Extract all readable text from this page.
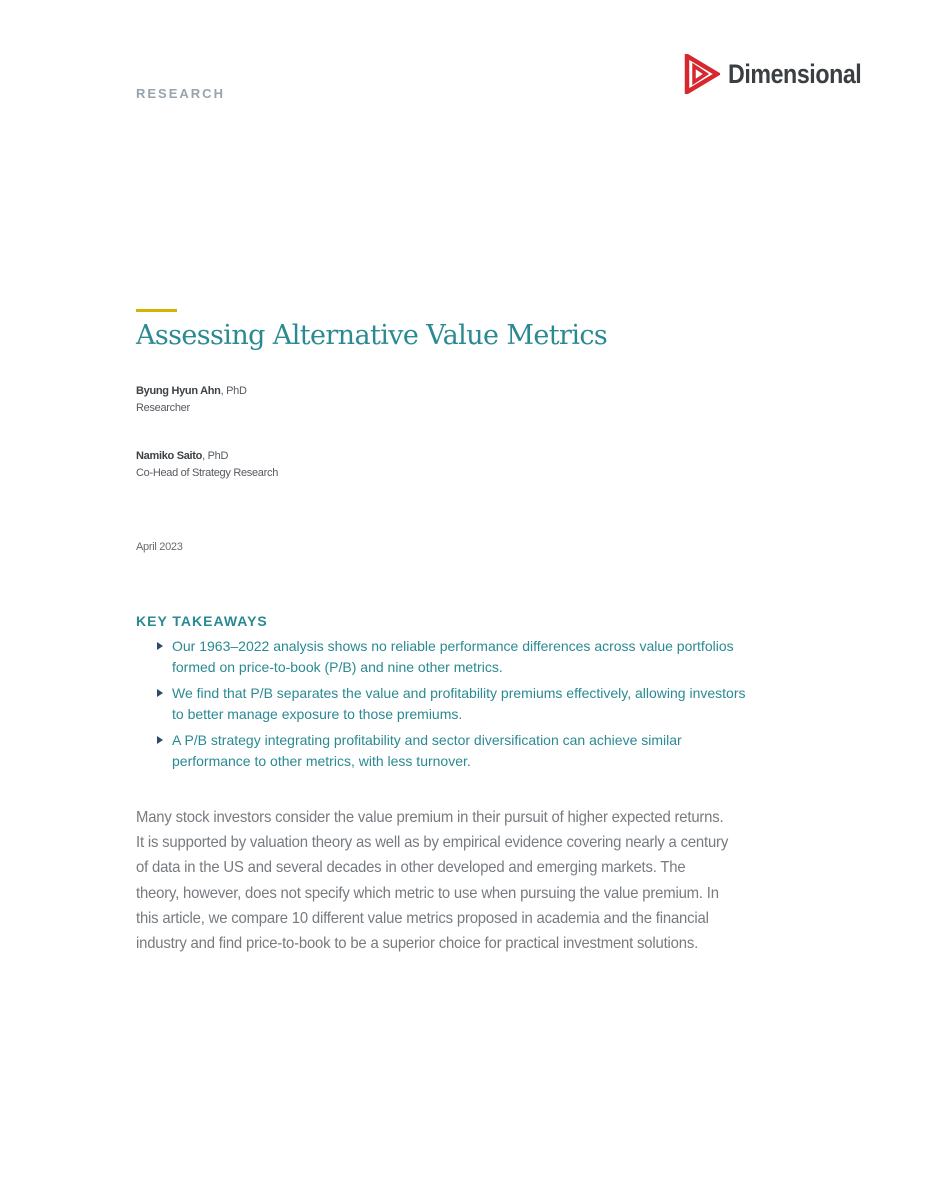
RESEARCH
Dimensional
Assessing Alternative Value Metrics
Byung Hyun Ahn, PhD
Researcher
Namiko Saito, PhD
Co-Head of Strategy Research
April 2023
KEY TAKEAWAYS
Our 1963–2022 analysis shows no reliable performance differences across value portfolios formed on price-to-book (P/B) and nine other metrics.
We find that P/B separates the value and profitability premiums effectively, allowing investors to better manage exposure to those premiums.
A P/B strategy integrating profitability and sector diversification can achieve similar performance to other metrics, with less turnover.

Many stock investors consider the value premium in their pursuit of higher expected returns. It is supported by valuation theory as well as by empirical evidence covering nearly a century of data in the US and several decades in other developed and emerging markets. The theory, however, does not specify which metric to use when pursuing the value premium. In this article, we compare 10 different value metrics proposed in academia and the financial industry and find price-to-book to be a superior choice for practical investment solutions.
